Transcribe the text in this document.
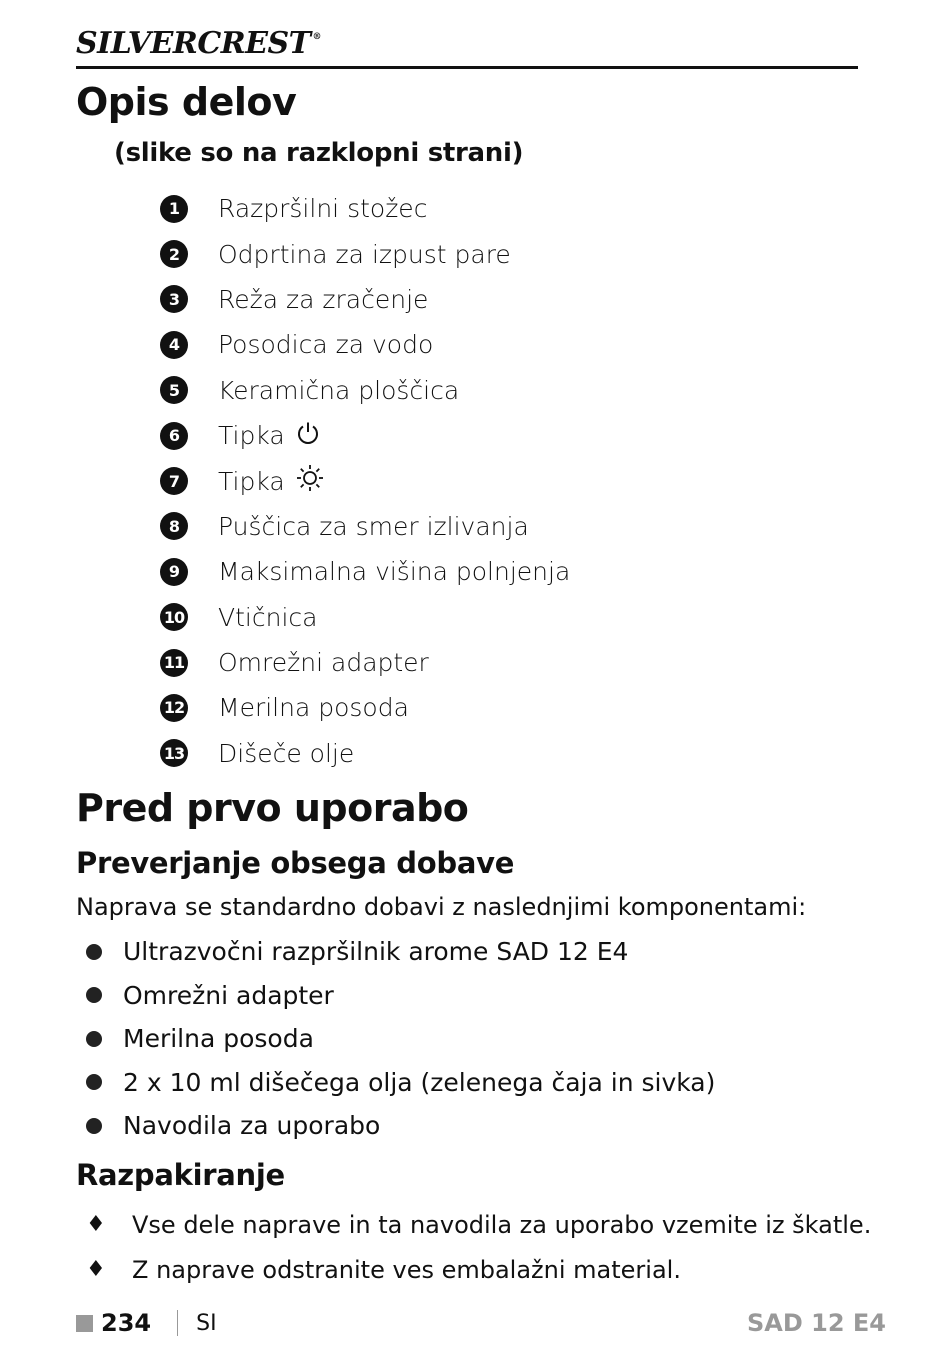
SILVERCREST ®
Opis delov
(slike so na razklopni strani)
1	Razpršilni stožec
2	Odprtina za izpust pare
3	Reža za zračenje
4	Posodica za vodo
5	Keramična ploščica
6	Tipka
7	Tipka
8	Puščica za smer izlivanja
9	Maksimalna višina polnjenja
10 Vtičnica
11 Omrežni adapter
12 Merilna posoda
13 Dišeče olje
Pred prvo uporabo
Preverjanje obsega dobave
Naprava se standardno dobavi z naslednjimi komponentami:
Ultrazvočni razpršilnik arome SAD 12 E4
Omrežni adapter
Merilna posoda
2 x 10 ml dišečega olja (zelenega čaja in sivka)
Navodila za uporabo
Razpakiranje
♦ Vse dele naprave in ta navodila za uporabo vzemite iz škatle.
♦ Z naprave odstranite ves embalažni material.
234 SI	SAD 12 E4
